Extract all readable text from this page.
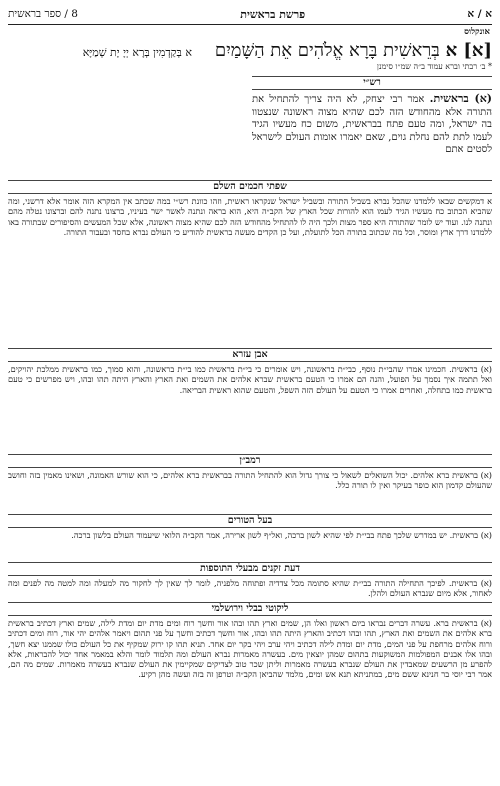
א / א
פרשת בראשית
8 / ספר בראשית
אונקלוס
[א] א בְּרֵאשִׁית בָּרָא אֱלֹהִים אֵת הַשָּׁמַיִם    א בְּקַדְמִין בְּרָא יְיָ יָת שְׁמַיָּא
* ב׳ רבתי וברא עמוד ב״ה שמ״ו סימנן
רש״י
(א) בראשית. אמר רבי יצחק, לא היה צריך להתחיל את התורה אלא מהחודש הזה לכם שהיא מצוה ראשונה שנצטוו בה ישראל, ומה טעם פתח בבראשית, משום כח מעשיו הגיד לעמו לתת להם נחלת גוים, שאם יאמרו אומות העולם לישראל לסטים אתם
שפתי חכמים השלם
א דמקשים שבאו ללמדנו שהכל נברא בשביל התורה ובשביל ישראל שנקראו ראשית, וזהו כוונת רש״י במה שכתב אין המקרא הזה אומר אלא דרשני, ומה שהביא הכתוב כח מעשיו הגיד לעמו הוא להורות שכל הארץ של הקב״ה היא, הוא בראה ונתנה לאשר ישר בעיניו, ברצונו נתנה להם וברצונו נטלה מהם ונתנה לנו. ועוד יש לומר שהתורה היא ספר מצות ולכך היה לו להתחיל מהחודש הזה לכם שהיא מצוה ראשונה, אלא שכל המעשים והסיפורים שבתורה באו ללמדנו דרך ארץ ומוסר, וכל מה שכתוב בתורה הכל לתועלת, ועל כן הקדים מעשה בראשית להודיע כי העולם נברא בחסד ובעבור התורה.
אבן עזרא
(א) בראשית. חכמינו אמרו שהבי״ת נוסף, כבי״ת בראשונה, ויש אומרים כי בי״ת בראשית כמו בי״ת בראשונה, והוא סמוך, כמו בראשית ממלכת יהויקים, ואל תתמה איך נסמך על הפועל, והנה הם אמרו כי הטעם בראשית שברא אלהים את השמים ואת הארץ והארץ היתה תהו ובהו, ויש מפרשים כי טעם בראשית כמו בתחלה, ואחרים אמרו כי הטעם על העולם הזה השפל, והטעם שהוא ראשית הבריאה.
רמב״ן
(א) בראשית ברא אלהים. יכול השואלים לשאול כי צורך גדול הוא להתחיל התורה בבראשית ברא אלהים, כי הוא שורש האמונה, ושאינו מאמין בזה וחושב שהעולם קדמון הוא כופר בעיקר ואין לו תורה כלל.
בעל הטורים
(א) בראשית. יש במדרש שלכך פתח בבי״ת לפי שהיא לשון ברכה, ואל״ף לשון ארירה, אמר הקב״ה הלואי שיעמוד העולם בלשון ברכה.
דעת זקנים מבעלי התוספות
(א) בראשית. לפיכך התחילה התורה בבי״ת שהיא סתומה מכל צדדיה ופתוחה מלפניה, לומר לך שאין לך לחקור מה למעלה ומה למטה מה לפנים ומה לאחור, אלא מיום שנברא העולם ולהלן.
ליקוטי בבלי וירושלמי
(א) בראשית ברא. עשרה דברים נבראו ביום ראשון ואלו הן, שמים וארץ תהו ובהו אור וחשך רוח ומים מדת יום ומדת לילה, שמים וארץ דכתיב בראשית ברא אלהים את השמים ואת הארץ, תהו ובהו דכתיב והארץ היתה תהו ובהו, אור וחשך דכתיב וחשך על פני תהום ויאמר אלהים יהי אור, רוח ומים דכתיב ורוח אלהים מרחפת על פני המים, מדת יום ומדת לילה דכתיב ויהי ערב ויהי בקר יום אחד. תניא תהו קו ירוק שמקיף את כל העולם כולו שממנו יצא חשך, ובהו אלו אבנים המפולמות המשוקעות בתהום שמהן יוצאין מים. בעשרה מאמרות נברא העולם ומה תלמוד לומר והלא במאמר אחד יכול להבראות, אלא להפרע מן הרשעים שמאבדין את העולם שנברא בעשרה מאמרות וליתן שכר טוב לצדיקים שמקיימין את העולם שנברא בעשרה מאמרות. שמים מה הם, אמר רבי יוסי בר חנינא ששם מים, במתניתא תנא אש ומים, מלמד שהביאן הקב״ה וטרפן זה בזה ועשה מהן רקיע.
